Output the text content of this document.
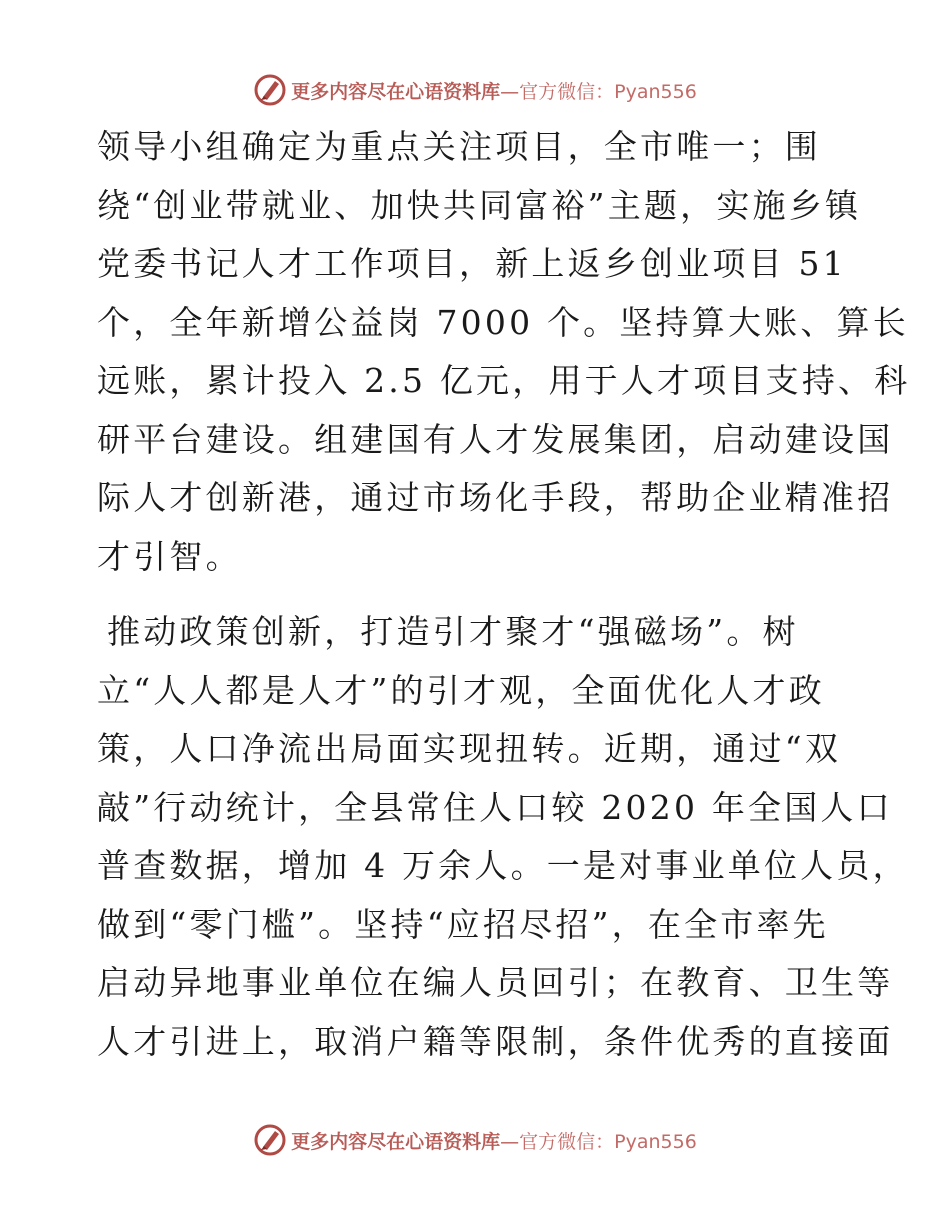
更多内容尽在心语资料库—官方微信：Pyan556
领导小组确定为重点关注项目，全市唯一；围
绕“创业带就业、加快共同富裕”主题，实施乡镇
党委书记人才工作项目，新上返乡创业项目 51
个，全年新增公益岗 7000 个。坚持算大账、算长
远账，累计投入 2.5 亿元，用于人才项目支持、科
研平台建设。组建国有人才发展集团，启动建设国
际人才创新港，通过市场化手段，帮助企业精准招
才引智。
推动政策创新，打造引才聚才“强磁场”。树
立“人人都是人才”的引才观，全面优化人才政
策，人口净流出局面实现扭转。近期，通过“双
敲”行动统计，全县常住人口较 2020 年全国人口
普查数据，增加 4 万余人。一是对事业单位人员，
做到“零门槛”。坚持“应招尽招”，在全市率先
启动异地事业单位在编人员回引；在教育、卫生等
人才引进上，取消户籍等限制，条件优秀的直接面
更多内容尽在心语资料库—官方微信：Pyan556
